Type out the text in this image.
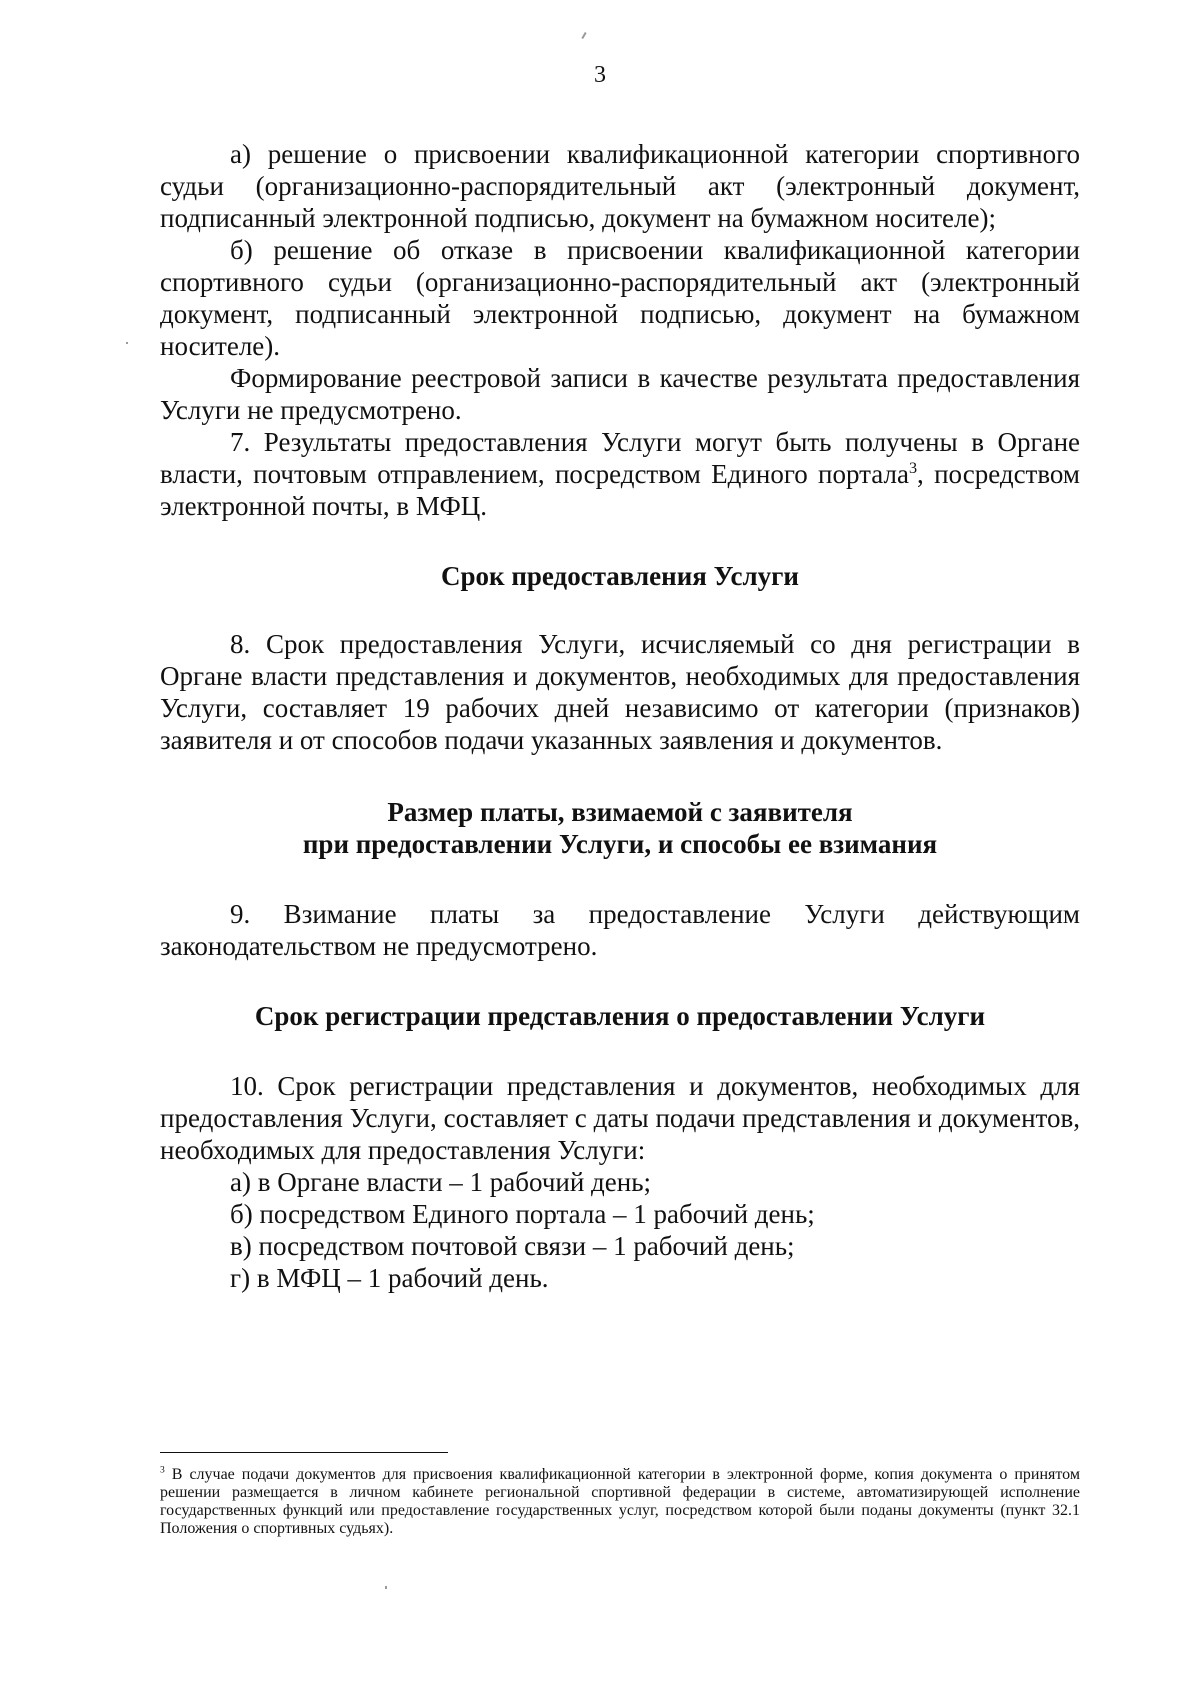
3

а) решение о присвоении квалификационной категории спортивного судьи (организационно-распорядительный акт (электронный документ, подписанный электронной подписью, документ на бумажном носителе);

б) решение об отказе в присвоении квалификационной категории спортивного судьи (организационно-распорядительный акт (электронный документ, подписанный электронной подписью, документ на бумажном носителе).

Формирование реестровой записи в качестве результата предоставления Услуги не предусмотрено.

7. Результаты предоставления Услуги могут быть получены в Органе власти, почтовым отправлением, посредством Единого портала$^3$, посредством электронной почты, в МФЦ.

Срок предоставления Услуги

8. Срок предоставления Услуги, исчисляемый со дня регистрации в Органе власти представления и документов, необходимых для предоставления Услуги, составляет 19 рабочих дней независимо от категории (признаков) заявителя и от способов подачи указанных заявления и документов.

Размер платы, взимаемой с заявителя
при предоставлении Услуги, и способы ее взимания

9. Взимание платы за предоставление Услуги действующим законодательством не предусмотрено.

Срок регистрации представления о предоставлении Услуги

10. Срок регистрации представления и документов, необходимых для предоставления Услуги, составляет с даты подачи представления и документов, необходимых для предоставления Услуги:

а) в Органе власти – 1 рабочий день;

б) посредством Единого портала – 1 рабочий день;

в) посредством почтовой связи – 1 рабочий день;

г) в МФЦ – 1 рабочий день.

$^3$ В случае подачи документов для присвоения квалификационной категории в электронной форме, копия документа о принятом решении размещается в личном кабинете региональной спортивной федерации в системе, автоматизирующей исполнение государственных функций или предоставление государственных услуг, посредством которой были поданы документы (пункт 32.1 Положения о спортивных судьях).
